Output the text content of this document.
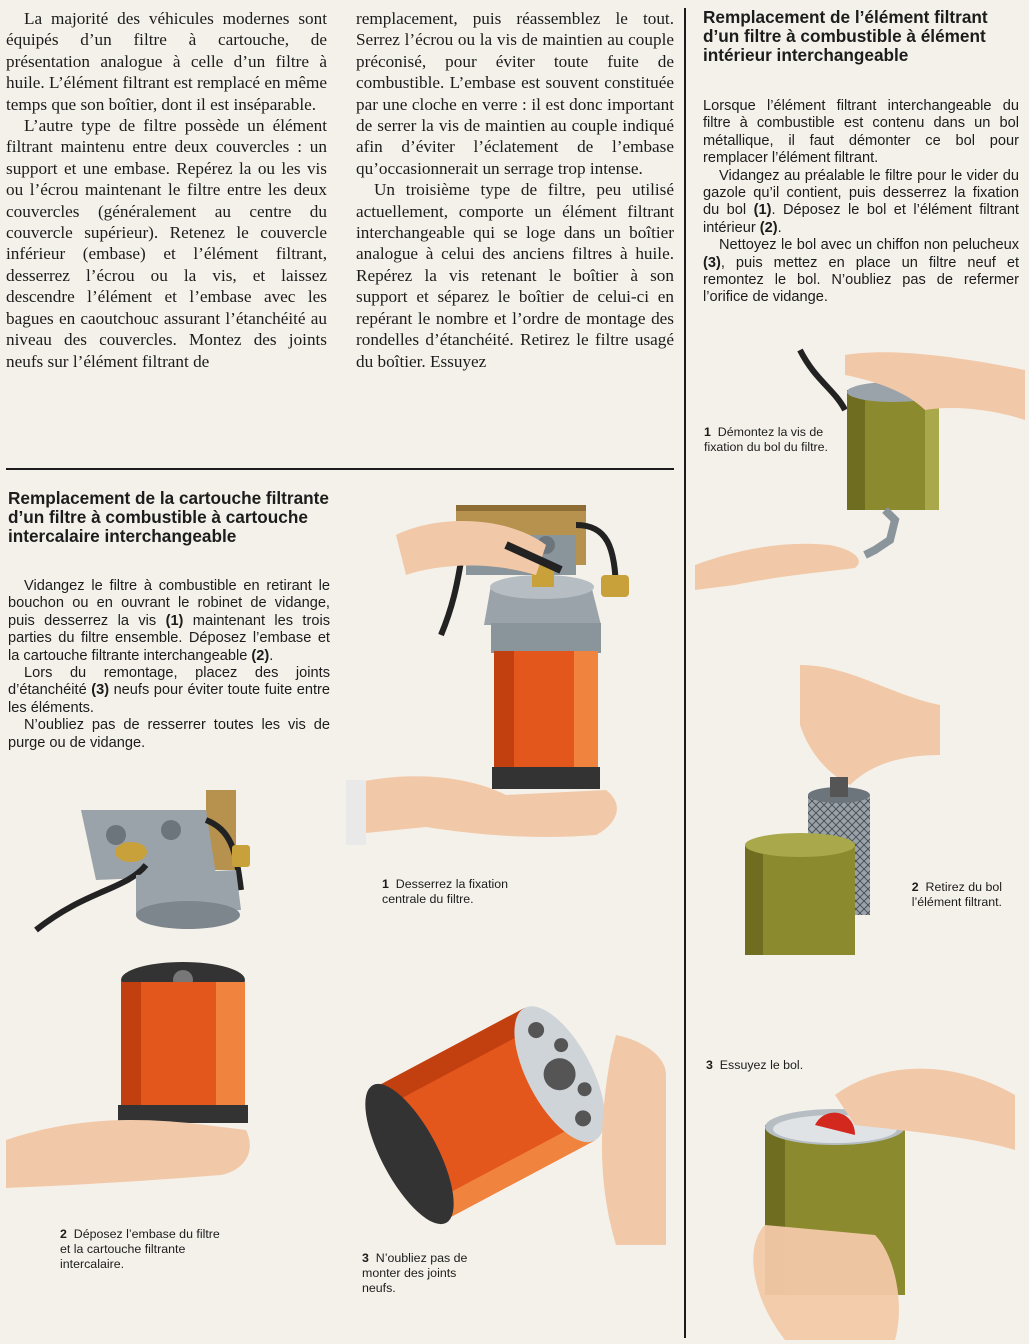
La majorité des véhicules modernes sont équipés d’un filtre à cartouche, de présentation analogue à celle d’un filtre à huile. L’élément filtrant est remplacé en même temps que son boîtier, dont il est inséparable.

L’autre type de filtre possède un élément filtrant maintenu entre deux couvercles : un support et une embase. Repérez la ou les vis ou l’écrou maintenant le filtre entre les deux couvercles (généralement au centre du couvercle supérieur). Retenez le couvercle inférieur (embase) et l’élément filtrant, desserrez l’écrou ou la vis, et laissez descendre l’élément et l’embase avec les bagues en caoutchouc assurant l’étanchéité au niveau des couvercles. Montez des joints neufs sur l’élément filtrant de

remplacement, puis réassemblez le tout. Serrez l’écrou ou la vis de maintien au couple préconisé, pour éviter toute fuite de combustible. L’embase est souvent constituée par une cloche en verre : il est donc important de serrer la vis de maintien au couple indiqué afin d’éviter l’éclatement de l’embase qu’occasionnerait un serrage trop intense.

Un troisième type de filtre, peu utilisé actuellement, comporte un élément filtrant interchangeable qui se loge dans un boîtier analogue à celui des anciens filtres à huile. Repérez la vis retenant le boîtier à son support et séparez le boîtier de celui-ci en repérant le nombre et l’ordre de montage des rondelles d’étanchéité. Retirez le filtre usagé du boîtier. Essuyez

Remplacement de la cartouche filtrante d’un filtre à combustible à cartouche intercalaire interchangeable

Vidangez le filtre à combustible en retirant le bouchon ou en ouvrant le robinet de vidange, puis desserrez la vis (1) maintenant les trois parties du filtre ensemble. Déposez l’embase et la cartouche filtrante interchangeable (2).

Lors du remontage, placez des joints d’étanchéité (3) neufs pour éviter toute fuite entre les éléments.

N’oubliez pas de resserrer toutes les vis de purge ou de vidange.

Remplacement de l’élément filtrant d’un filtre à combustible à élément intérieur interchangeable

Lorsque l’élément filtrant interchangeable du filtre à combustible est contenu dans un bol métallique, il faut démonter ce bol pour remplacer l’élément filtrant.

Vidangez au préalable le filtre pour le vider du gazole qu’il contient, puis desserrez la fixation du bol (1). Déposez le bol et l’élément filtrant intérieur (2).

Nettoyez le bol avec un chiffon non pelucheux (3), puis mettez en place un filtre neuf et remontez le bol. N’oubliez pas de refermer l’orifice de vidange.

1 Desserrez la fixation centrale du filtre.
2 Déposez l’embase du filtre et la cartouche filtrante intercalaire.	3 N’oubliez pas de monter des joints neufs.
1 Démontez la vis de fixation du bol du filtre.
2 Retirez du bol l’élément filtrant.
3 Essuyez le bol.
